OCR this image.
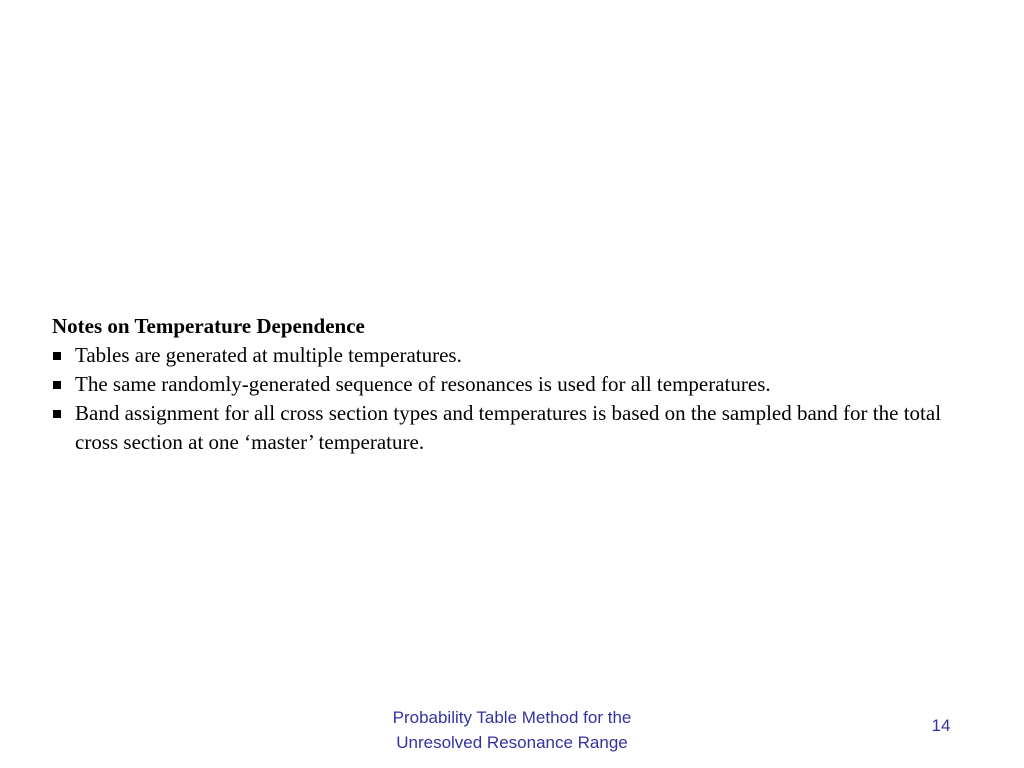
Notes on Temperature Dependence
Tables are generated at multiple temperatures.
The same randomly-generated sequence of resonances is used for all temperatures.
Band assignment for all cross section types and temperatures is based on the sampled band for the total cross section at one ‘master’ temperature.
Probability Table Method for the
Unresolved Resonance Range
14
